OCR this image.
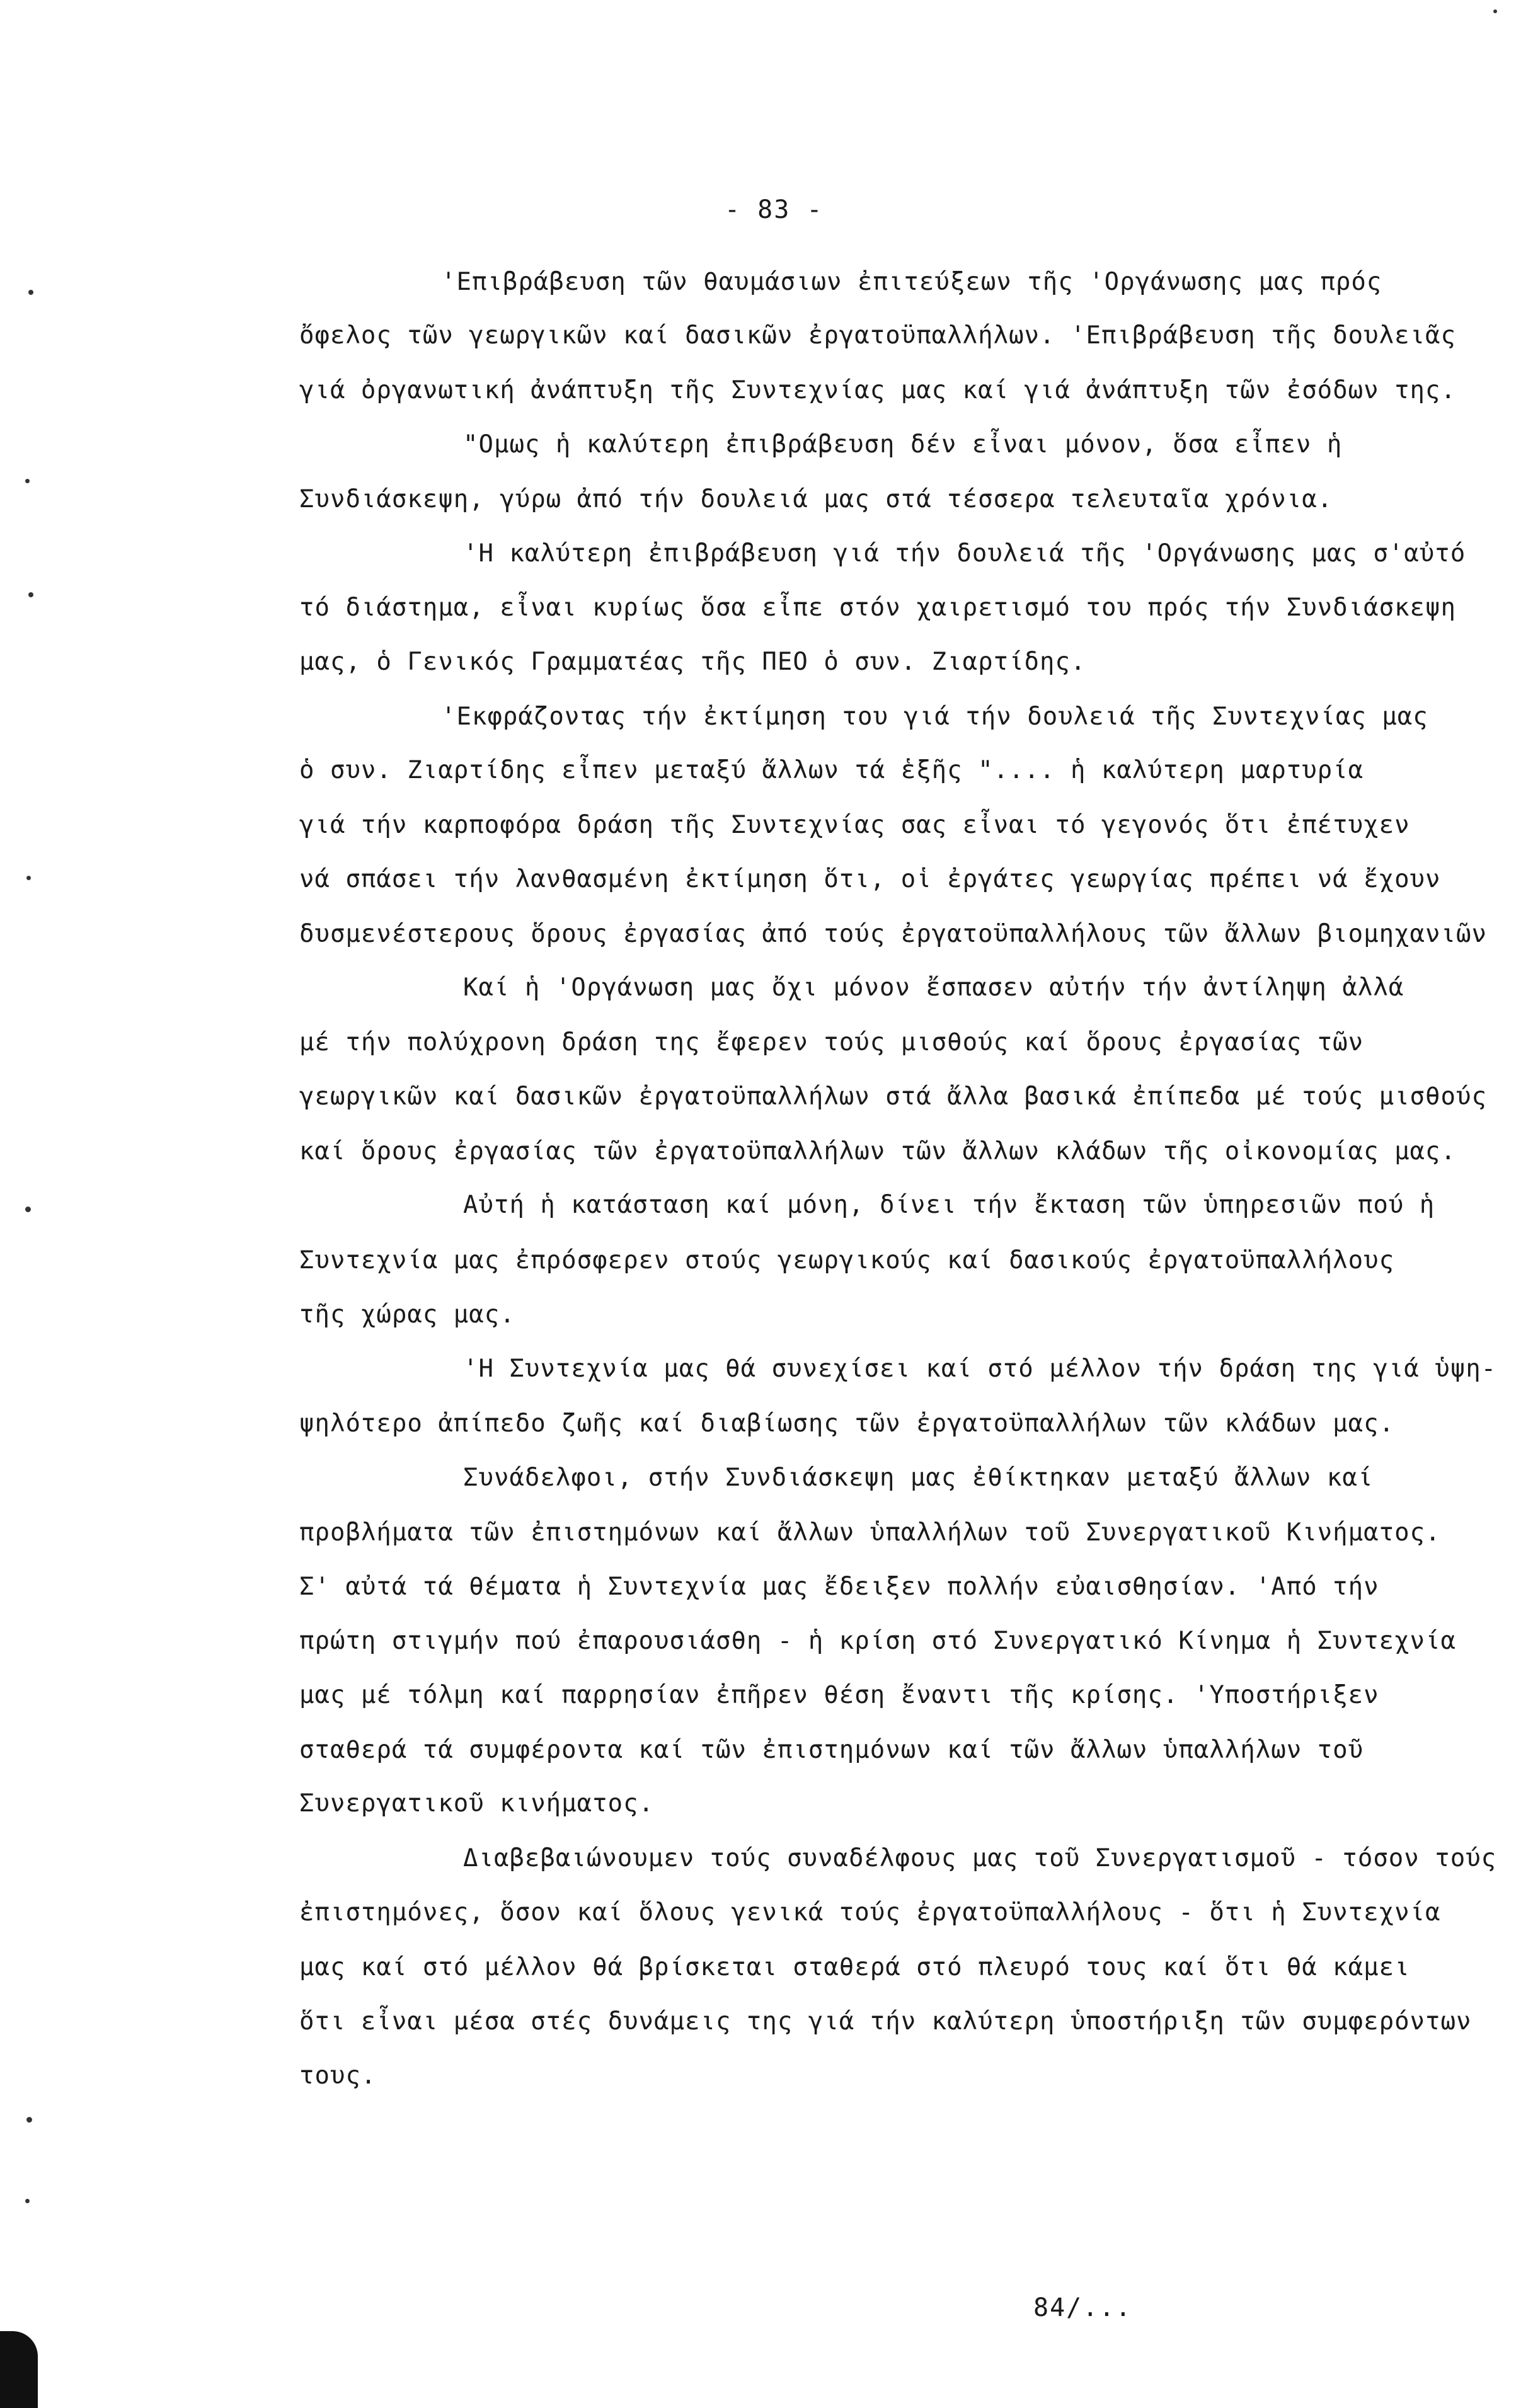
- 83 -
'Επιβράβευση τῶν θαυμάσιων ἐπιτεύξεων τῆς 'Οργάνωσης μας πρός
ὄφελος τῶν γεωργικῶν καί δασικῶν ἐργατοϋπαλλήλων. 'Επιβράβευση τῆς δουλειᾶς
γιά ὀργανωτική ἀνάπτυξη τῆς Συντεχνίας μας καί γιά ἀνάπτυξη τῶν ἐσόδων της.
"Ομως ἡ καλύτερη ἐπιβράβευση δέν εἶναι μόνον, ὅσα εἶπεν ἡ
Συνδιάσκεψη, γύρω ἀπό τήν δουλειά μας στά τέσσερα τελευταῖα χρόνια.
'Η καλύτερη ἐπιβράβευση γιά τήν δουλειά τῆς 'Οργάνωσης μας σ'αὐτό
τό διάστημα, εἶναι κυρίως ὅσα εἶπε στόν χαιρετισμό του πρός τήν Συνδιάσκεψη
μας, ὁ Γενικός Γραμματέας τῆς ΠΕΟ ὁ συν. Ζιαρτίδης.
'Εκφράζοντας τήν ἐκτίμηση του γιά τήν δουλειά τῆς Συντεχνίας μας
ὁ συν. Ζιαρτίδης εἶπεν μεταξύ ἄλλων τά ἑξῆς ".... ἡ καλύτερη μαρτυρία
γιά τήν καρποφόρα δράση τῆς Συντεχνίας σας εἶναι τό γεγονός ὅτι ἐπέτυχεν
νά σπάσει τήν λανθασμένη ἐκτίμηση ὅτι, οἱ ἐργάτες γεωργίας πρέπει νά ἔχουν
δυσμενέστερους ὅρους ἐργασίας ἀπό τούς ἐργατοϋπαλλήλους τῶν ἄλλων βιομηχανιῶν
Καί ἡ 'Οργάνωση μας ὄχι μόνον ἔσπασεν αὐτήν τήν ἀντίληψη ἀλλά
μέ τήν πολύχρονη δράση της ἔφερεν τούς μισθούς καί ὅρους ἐργασίας τῶν
γεωργικῶν καί δασικῶν ἐργατοϋπαλλήλων στά ἄλλα βασικά ἐπίπεδα μέ τούς μισθούς
καί ὅρους ἐργασίας τῶν ἐργατοϋπαλλήλων τῶν ἄλλων κλάδων τῆς οἰκονομίας μας.
Αὐτή ἡ κατάσταση καί μόνη, δίνει τήν ἔκταση τῶν ὑπηρεσιῶν πού ἡ
Συντεχνία μας ἐπρόσφερεν στούς γεωργικούς καί δασικούς ἐργατοϋπαλλήλους
τῆς χώρας μας.
'Η Συντεχνία μας θά συνεχίσει καί στό μέλλον τήν δράση της γιά ὑψη-
ψηλότερο ἀπίπεδο ζωῆς καί διαβίωσης τῶν ἐργατοϋπαλλήλων τῶν κλάδων μας.
Συνάδελφοι, στήν Συνδιάσκεψη μας ἐθίκτηκαν μεταξύ ἄλλων καί
προβλήματα τῶν ἐπιστημόνων καί ἄλλων ὑπαλλήλων τοῦ Συνεργατικοῦ Κινήματος.
Σ' αὐτά τά θέματα ἡ Συντεχνία μας ἔδειξεν πολλήν εὐαισθησίαν. 'Από τήν
πρώτη στιγμήν πού ἐπαρουσιάσθη - ἡ κρίση στό Συνεργατικό Κίνημα ἡ Συντεχνία
μας μέ τόλμη καί παρρησίαν ἐπῆρεν θέση ἔναντι τῆς κρίσης. 'Υποστήριξεν
σταθερά τά συμφέροντα καί τῶν ἐπιστημόνων καί τῶν ἄλλων ὑπαλλήλων τοῦ
Συνεργατικοῦ κινήματος.
Διαβεβαιώνουμεν τούς συναδέλφους μας τοῦ Συνεργατισμοῦ - τόσον τούς
ἐπιστημόνες, ὅσον καί ὅλους γενικά τούς ἐργατοϋπαλλήλους - ὅτι ἡ Συντεχνία
μας καί στό μέλλον θά βρίσκεται σταθερά στό πλευρό τους καί ὅτι θά κάμει
ὅτι εἶναι μέσα στές δυνάμεις της γιά τήν καλύτερη ὑποστήριξη τῶν συμφερόντων
τους.
84/...
